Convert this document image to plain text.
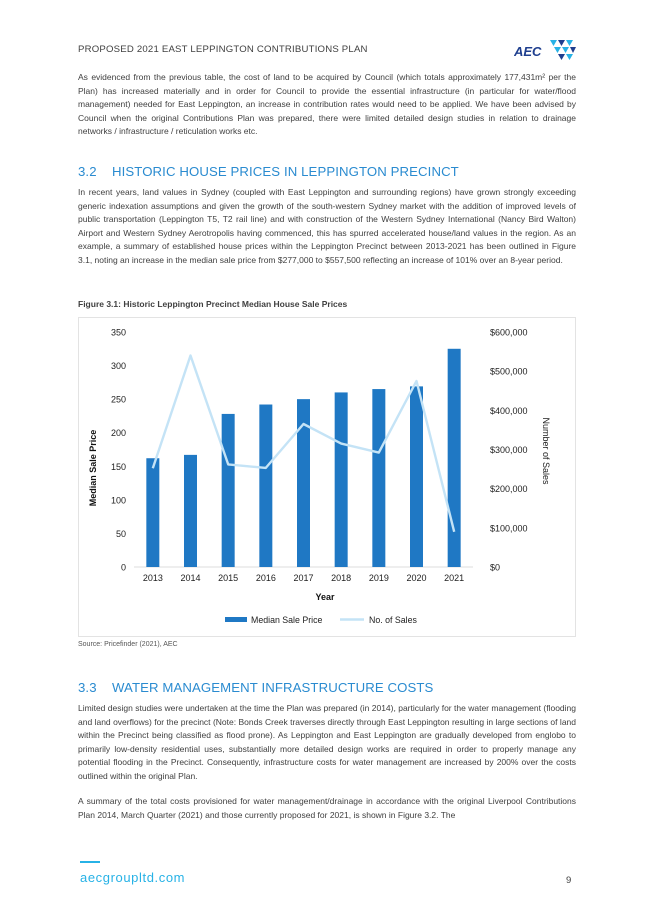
PROPOSED 2021 EAST LEPPINGTON CONTRIBUTIONS PLAN	AEC

As evidenced from the previous table, the cost of land to be acquired by Council (which totals approximately 177,431m² per the Plan) has increased materially and in order for Council to provide the essential infrastructure (in particular for water/flood management) needed for East Leppington, an increase in contribution rates would need to be applied. We have been advised by Council when the original Contributions Plan was prepared, there were limited detailed design studies in relation to drainage networks / infrastructure / reticulation works etc.

3.2 HISTORIC HOUSE PRICES IN LEPPINGTON PRECINCT

In recent years, land values in Sydney (coupled with East Leppington and surrounding regions) have grown strongly exceeding generic indexation assumptions and given the growth of the south-western Sydney market with the addition of improved levels of public transportation (Leppington T5, T2 rail line) and with construction of the Western Sydney International (Nancy Bird Walton) Airport and Western Sydney Aerotropolis having commenced, this has spurred accelerated house/land values in the region. As an example, a summary of established house prices within the Leppington Precinct between 2013-2021 has been outlined in Figure 3.1, noting an increase in the median sale price from $277,000 to $557,500 reflecting an increase of 101% over an 8-year period.

Figure 3.1: Historic Leppington Precinct Median House Sale Prices
350
300
250
200
150
100
50
0
$600,000
$500,000
$400,000
$300,000
$200,000
$100,000
$0
2013 2014 2015 2016 2017 2018 2019 2020 2021
Median Sale Price	Number of Sales
Year
Median Sale Price	No. of Sales
Source: Pricefinder (2021), AEC
3.3 WATER MANAGEMENT INFRASTRUCTURE COSTS

Limited design studies were undertaken at the time the Plan was prepared (in 2014), particularly for the water management (flooding and land overflows) for the precinct (Note: Bonds Creek traverses directly through East Leppington resulting in large sections of land within the Precinct being classified as flood prone). As Leppington and East Leppington are gradually developed from englobo to primarily low-density residential uses, substantially more detailed design works are required in order to properly manage any potential flooding in the Precinct. Consequently, infrastructure costs for water management are increased by 200% over the costs outlined within the original Plan.

A summary of the total costs provisioned for water management/drainage in accordance with the original Liverpool Contributions Plan 2014, March Quarter (2021) and those currently proposed for 2021, is shown in Figure 3.2. The

aecgroupltd.com	9
